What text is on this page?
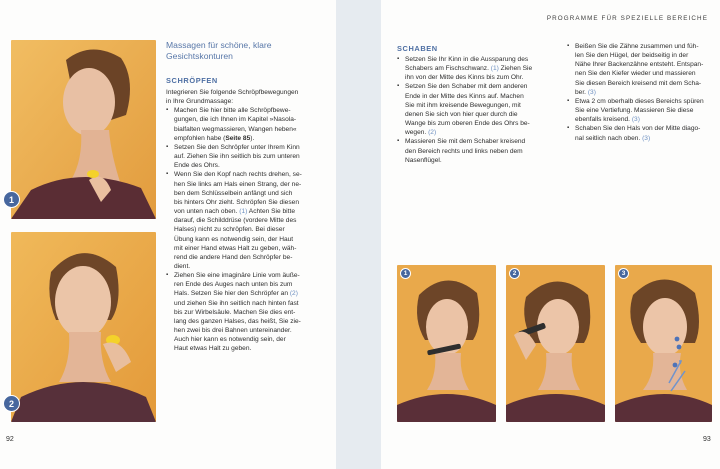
1
2
Massagen für schöne, klare
Gesichtskonturen
SCHRÖPFEN
Integrieren Sie folgende Schröpfbewegungen
in Ihre Grundmassage:
▪ Machen Sie hier bitte alle Schröpfbewe-
gungen, die ich Ihnen im Kapitel »Nasola-
bialfalten wegmassieren, Wangen heben«
empfohlen habe (Seite 85).
▪ Setzen Sie den Schröpfer unter Ihrem Kinn
auf. Ziehen Sie ihn seitlich bis zum unteren
Ende des Ohrs.
▪ Wenn Sie den Kopf nach rechts drehen, se-
hen Sie links am Hals einen Strang, der ne-
ben dem Schlüsselbein anfängt und sich
bis hinters Ohr zieht. Schröpfen Sie diesen
von unten nach oben. (1) Achten Sie bitte
darauf, die Schilddrüse (vordere Mitte des
Halses) nicht zu schröpfen. Bei dieser
Übung kann es notwendig sein, der Haut
mit einer Hand etwas Halt zu geben, wäh-
rend die andere Hand den Schröpfer be-
dient.
▪ Ziehen Sie eine imaginäre Linie vom äuße-
ren Ende des Auges nach unten bis zum
Hals. Setzen Sie hier den Schröpfer an (2)
und ziehen Sie ihn seitlich nach hinten fast
bis zur Wirbelsäule. Machen Sie dies ent-
lang des ganzen Halses, das heißt, Sie zie-
hen zwei bis drei Bahnen untereinander.
Auch hier kann es notwendig sein, der
Haut etwas Halt zu geben.
92
PROGRAMME FÜR SPEZIELLE BEREICHE
SCHABEN
▪ Setzen Sie Ihr Kinn in die Aussparung des
Schabers am Fischschwanz. (1) Ziehen Sie
ihn von der Mitte des Kinns bis zum Ohr.
▪ Setzen Sie den Schaber mit dem anderen
Ende in der Mitte des Kinns auf. Machen
Sie mit ihm kreisende Bewegungen, mit
denen Sie sich von hier quer durch die
Wange bis zum oberen Ende des Ohrs be-
wegen. (2)
▪ Massieren Sie mit dem Schaber kreisend
den Bereich rechts und links neben dem
Nasenflügel.
▪ Beißen Sie die Zähne zusammen und füh-
len Sie den Hügel, der beidseitig in der
Nähe Ihrer Backenzähne entsteht. Entspan-
nen Sie den Kiefer wieder und massieren
Sie diesen Bereich kreisend mit dem Scha-
ber. (3)
▪ Etwa 2 cm oberhalb dieses Bereichs spüren
Sie eine Vertiefung. Massieren Sie diese
ebenfalls kreisend. (3)
▪ Schaben Sie den Hals von der Mitte diago-
nal seitlich nach oben. (3)
1	2	3
93
